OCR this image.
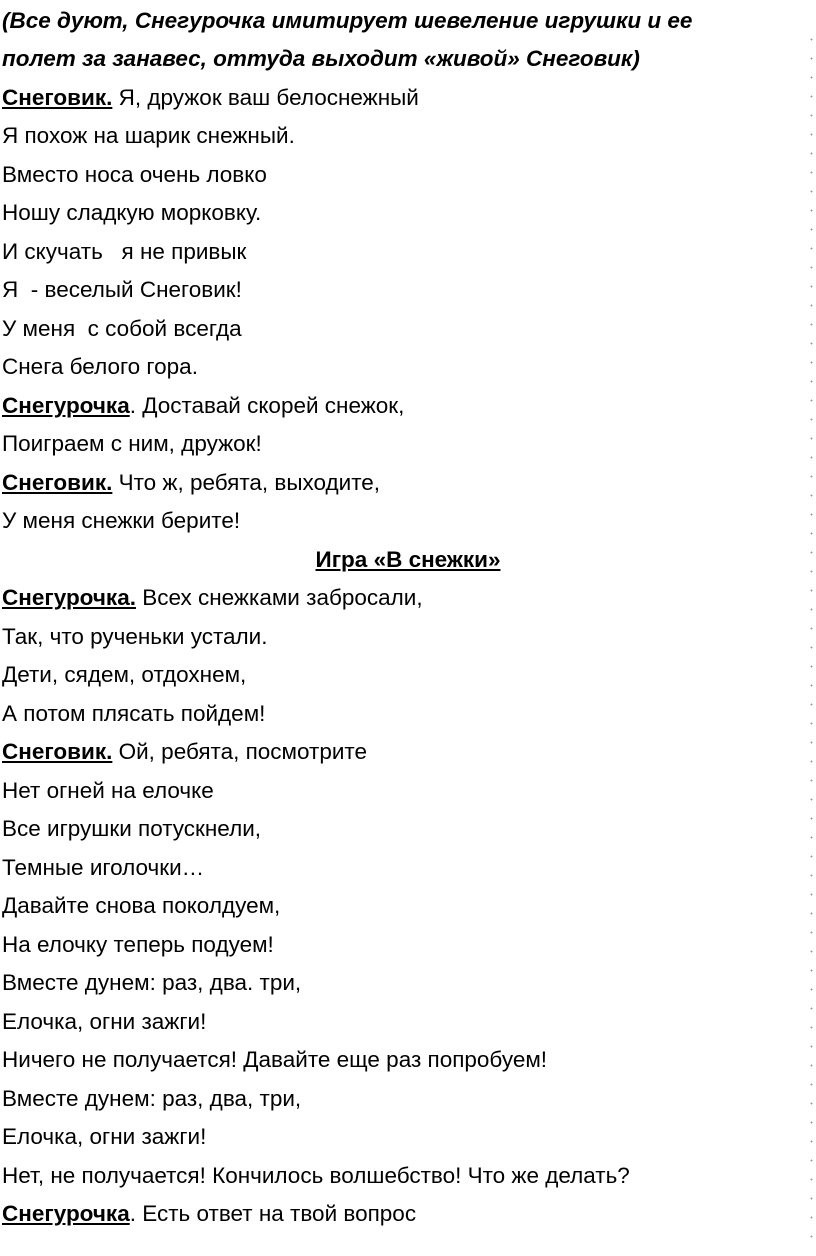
(Все дуют, Снегурочка имитирует шевеление игрушки и ее
полет за занавес, оттуда выходит «живой» Снеговик)
Снеговик. Я, дружок ваш белоснежный
Я похож на шарик снежный.
Вместо носа очень ловко
Ношу сладкую морковку.
И скучать   я не привык
Я  - веселый Снеговик!
У меня  с собой всегда
Снега белого гора.
Снегурочка. Доставай скорей снежок,
Поиграем с ним, дружок!
Снеговик. Что ж, ребята, выходите,
У меня снежки берите!
Игра «В снежки»
Снегурочка. Всех снежками забросали,
Так, что рученьки устали.
Дети, сядем, отдохнем,
А потом плясать пойдем!
Снеговик. Ой, ребята, посмотрите
Нет огней на елочке
Все игрушки потускнели,
Темные иголочки…
Давайте снова поколдуем,
На елочку теперь подуем!
Вместе дунем: раз, два. три,
Елочка, огни зажги!
Ничего не получается! Давайте еще раз попробуем!
Вместе дунем: раз, два, три,
Елочка, огни зажги!
Нет, не получается! Кончилось волшебство! Что же делать?
Снегурочка. Есть ответ на твой вопрос
